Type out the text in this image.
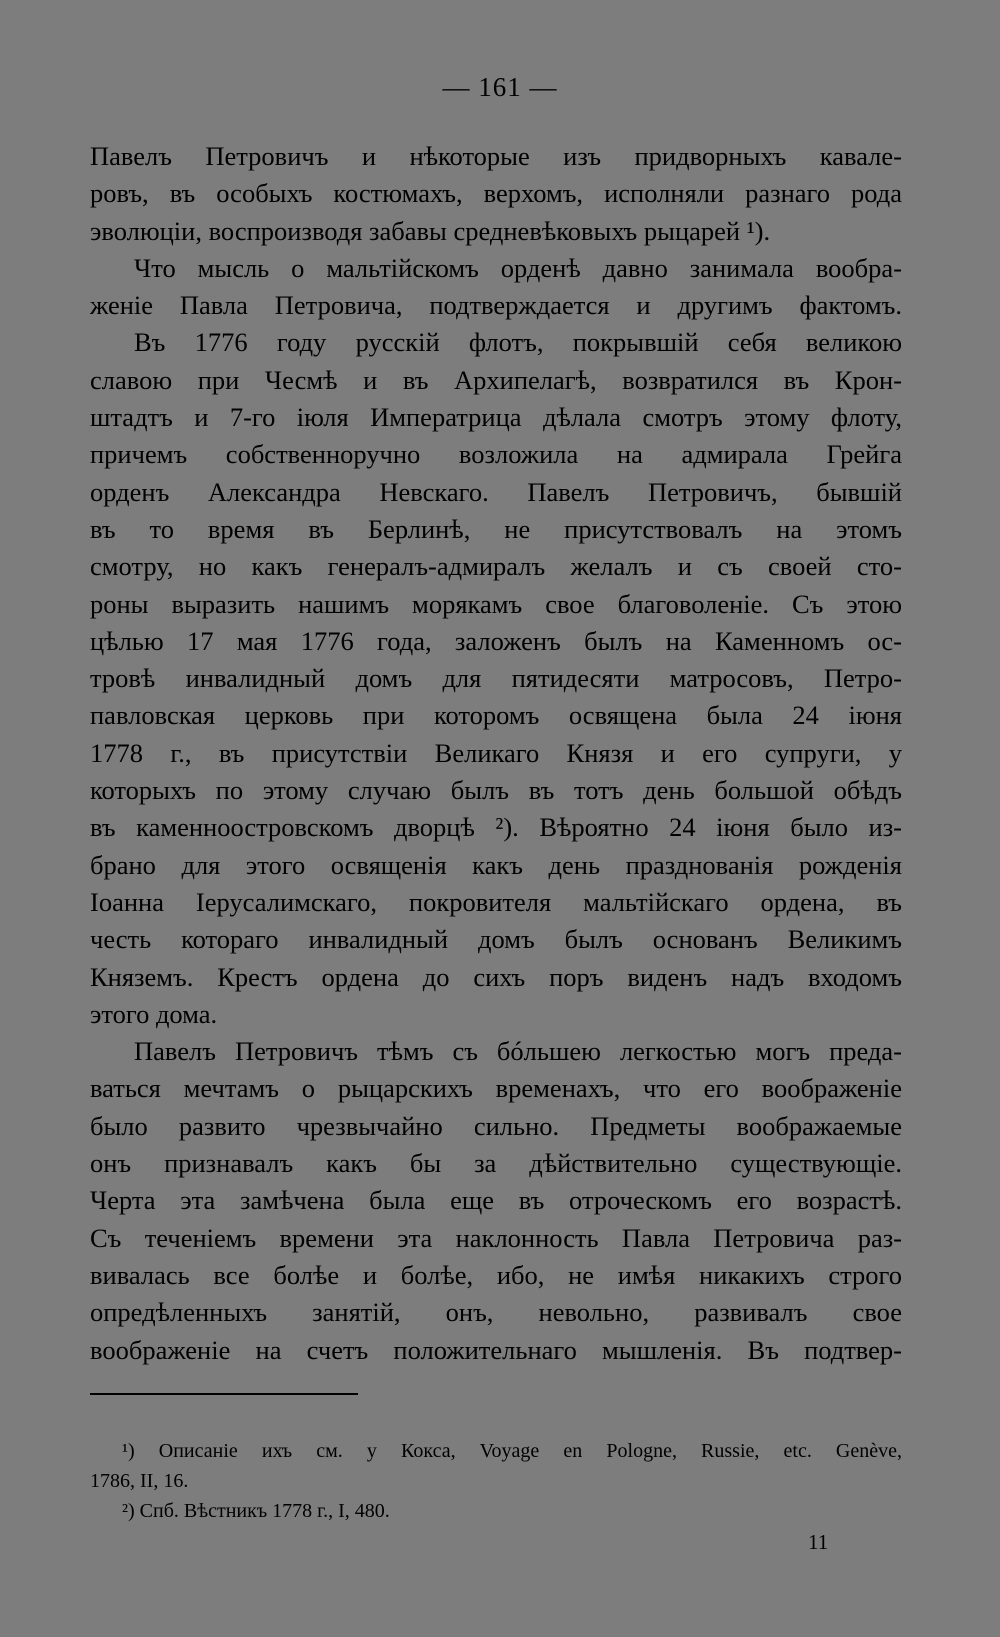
— 161 —
Павелъ Петровичъ и нѣкоторые изъ придворныхъ кавале-
ровъ, въ особыхъ костюмахъ, верхомъ, исполняли разнаго рода
эволюціи, воспроизводя забавы средневѣковыхъ рыцарей ¹).
Что мысль о мальтійскомъ орденѣ давно занимала вообра-
женіе Павла Петровича, подтверждается и другимъ фактомъ.
Въ 1776 году русскій флотъ, покрывшій себя великою
славою при Чесмѣ и въ Архипелагѣ, возвратился въ Крон-
штадтъ и 7-го іюля Императрица дѣлала смотръ этому флоту,
причемъ собственноручно возложила на адмирала Грейга
орденъ Александра Невскаго. Павелъ Петровичъ, бывшій
въ то время въ Берлинѣ, не присутствовалъ на этомъ
смотру, но какъ генералъ-адмиралъ желалъ и съ своей сто-
роны выразить нашимъ морякамъ свое благоволеніе. Съ этою
цѣлью 17 мая 1776 года, заложенъ былъ на Каменномъ ос-
тровѣ инвалидный домъ для пятидесяти матросовъ, Петро-
павловская церковь при которомъ освящена была 24 іюня
1778 г., въ присутствіи Великаго Князя и его супруги, у
которыхъ по этому случаю былъ въ тотъ день большой обѣдъ
въ каменноостровскомъ дворцѣ ²). Вѣроятно 24 іюня было из-
брано для этого освященія какъ день празднованія рожденія
Іоанна Іерусалимскаго, покровителя мальтійскаго ордена, въ
честь котораго инвалидный домъ былъ основанъ Великимъ
Княземъ. Крестъ ордена до сихъ поръ виденъ надъ входомъ
этого дома.
Павелъ Петровичъ тѣмъ съ бóльшею легкостью могъ преда-
ваться мечтамъ о рыцарскихъ временахъ, что его воображеніе
было развито чрезвычайно сильно. Предметы воображаемые
онъ признавалъ какъ бы за дѣйствительно существующіе.
Черта эта замѣчена была еще въ отроческомъ его возрастѣ.
Съ теченіемъ времени эта наклонность Павла Петровича раз-
вивалась все болѣе и болѣе, ибо, не имѣя никакихъ строго
опредѣленныхъ занятій, онъ, невольно, развивалъ свое
воображеніе на счетъ положительнаго мышленія. Въ подтвер-
¹) Описаніе ихъ см. у Кокса, Voyage en Pologne, Russie, etc. Genève,
1786, II, 16.
²) Спб. Вѣстникъ 1778 г., I, 480.
11
